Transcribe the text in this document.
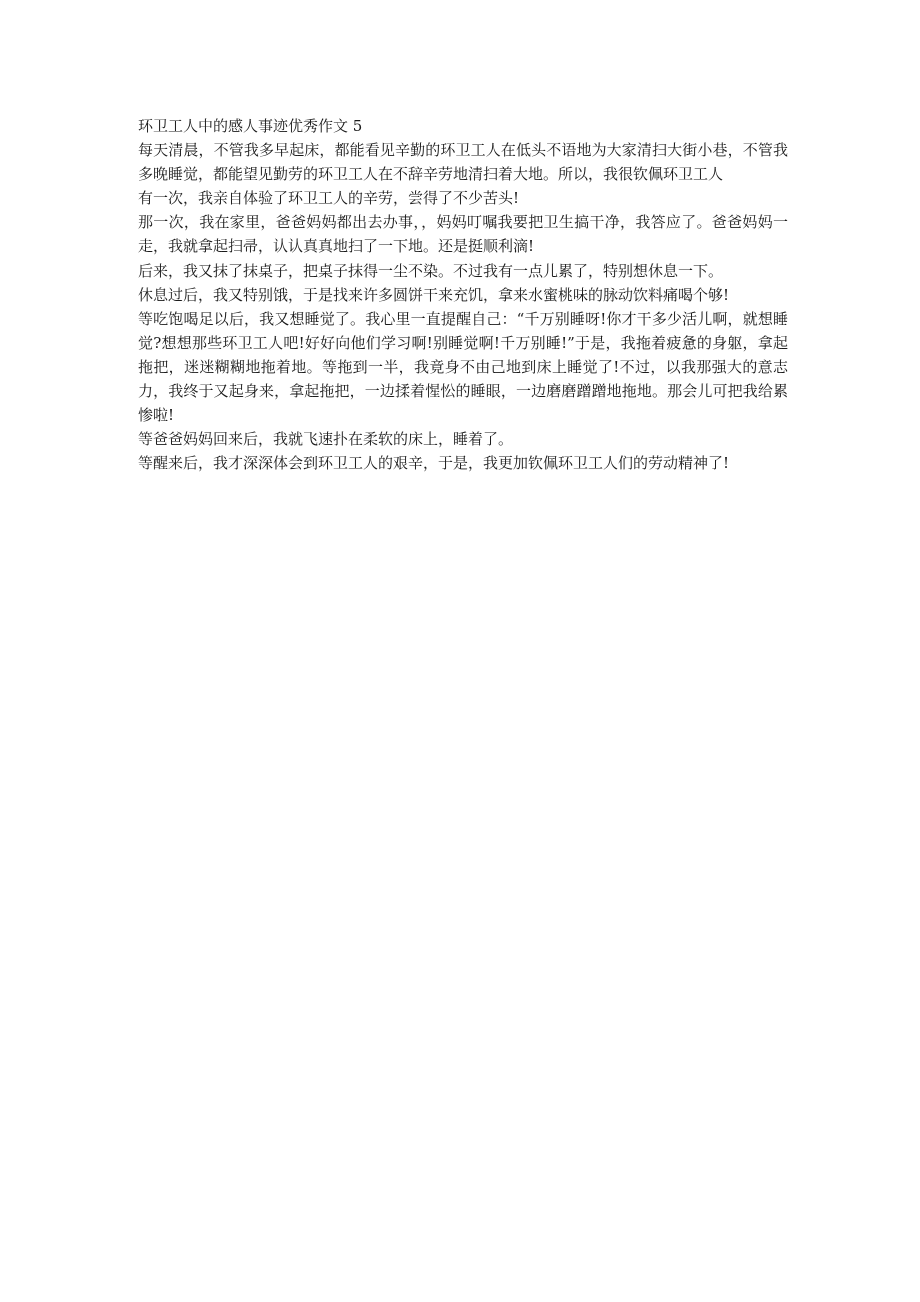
环卫工人中的感人事迹优秀作文 5

每天清晨，不管我多早起床，都能看见辛勤的环卫工人在低头不语地为大家清扫大街小巷，不管我多晚睡觉，都能望见勤劳的环卫工人在不辞辛劳地清扫着大地。所以，我很钦佩环卫工人

有一次，我亲自体验了环卫工人的辛劳，尝得了不少苦头!

那一次，我在家里，爸爸妈妈都出去办事，，妈妈叮嘱我要把卫生搞干净，我答应了。爸爸妈妈一走，我就拿起扫帚，认认真真地扫了一下地。还是挺顺利滴!

后来，我又抹了抹桌子，把桌子抹得一尘不染。不过我有一点儿累了，特别想休息一下。

休息过后，我又特别饿，于是找来许多圆饼干来充饥，拿来水蜜桃味的脉动饮料痛喝个够!

等吃饱喝足以后，我又想睡觉了。我心里一直提醒自己：“千万别睡呀!你才干多少活儿啊，就想睡觉?想想那些环卫工人吧!好好向他们学习啊!别睡觉啊!千万别睡!”于是，我拖着疲惫的身躯，拿起拖把，迷迷糊糊地拖着地。等拖到一半，我竟身不由己地到床上睡觉了!不过，以我那强大的意志力，我终于又起身来，拿起拖把，一边揉着惺忪的睡眼，一边磨磨蹭蹭地拖地。那会儿可把我给累惨啦!

等爸爸妈妈回来后，我就飞速扑在柔软的床上，睡着了。

等醒来后，我才深深体会到环卫工人的艰辛，于是，我更加钦佩环卫工人们的劳动精神了!
